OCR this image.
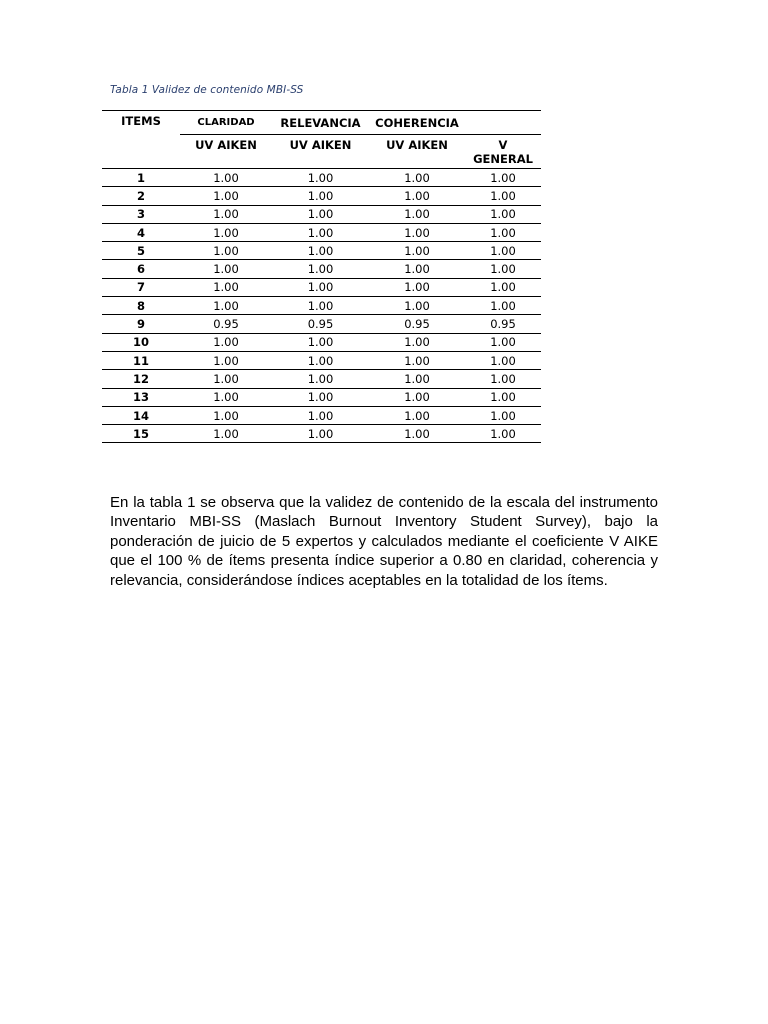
Tabla 1 Validez de contenido MBI-SS

ITEMS	CLARIDAD	RELEVANCIA	COHERENCIA	
	UV AIKEN	UV AIKEN	UV AIKEN	V
GENERAL

1	1.00	1.00	1.00	1.00
2	1.00	1.00	1.00	1.00
3	1.00	1.00	1.00	1.00
4	1.00	1.00	1.00	1.00
5	1.00	1.00	1.00	1.00
6	1.00	1.00	1.00	1.00
7	1.00	1.00	1.00	1.00
8	1.00	1.00	1.00	1.00
9	0.95	0.95	0.95	0.95
10	1.00	1.00	1.00	1.00
11	1.00	1.00	1.00	1.00
12	1.00	1.00	1.00	1.00
13	1.00	1.00	1.00	1.00
14	1.00	1.00	1.00	1.00
15	1.00	1.00	1.00	1.00
En la tabla 1 se observa que la validez de contenido de la escala del instrumento Inventario MBI-SS (Maslach Burnout Inventory Student Survey), bajo la ponderación de juicio de 5 expertos y calculados mediante el coeficiente V AIKE que el 100 % de ítems presenta índice superior a 0.80 en claridad, coherencia y relevancia, considerándose índices aceptables en la totalidad de los ítems.
